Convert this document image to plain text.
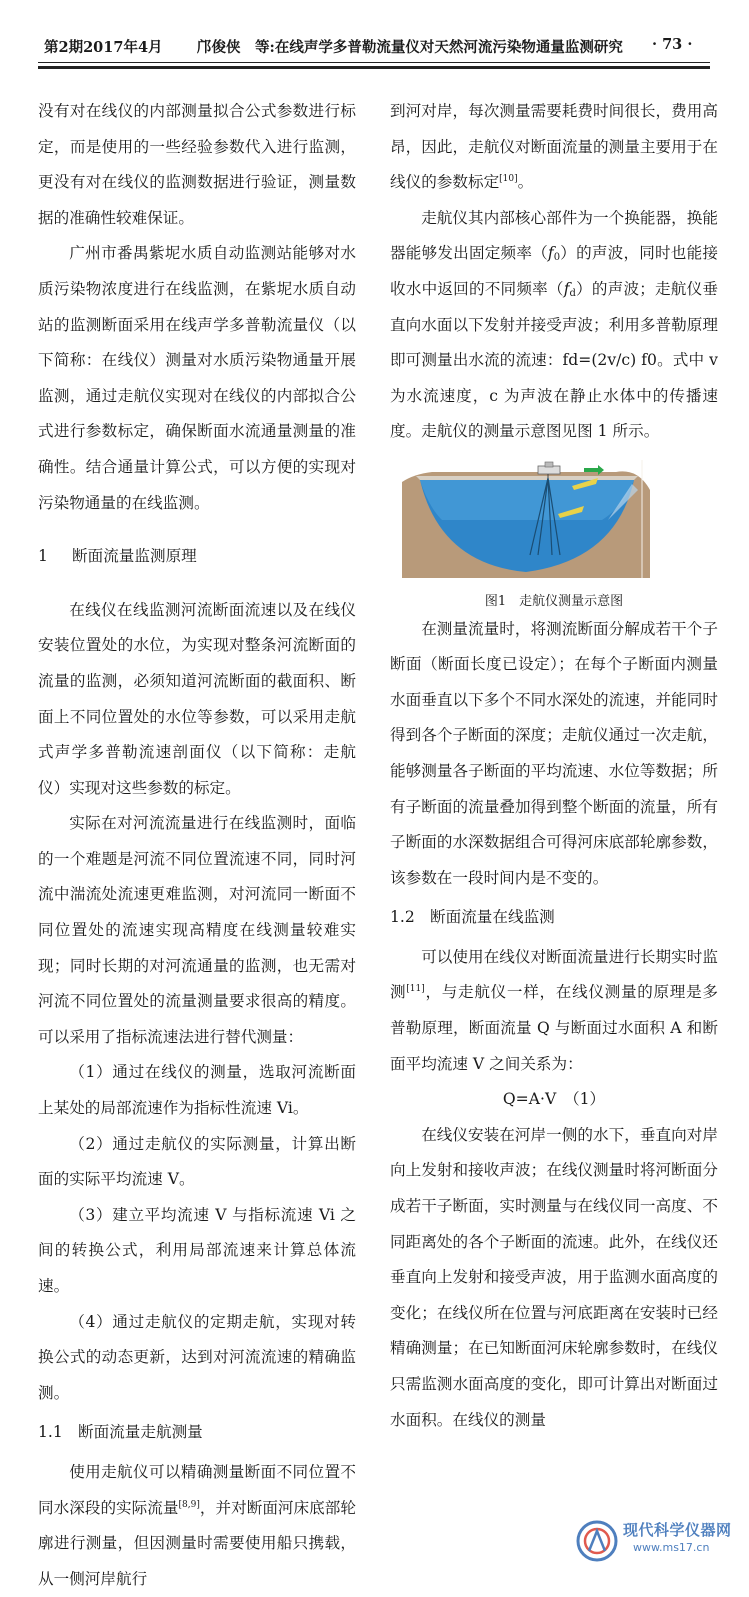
第2期2017年4月 邝俊侠　等:在线声学多普勒流量仪对天然河流污染物通量监测研究 · 73 ·

没有对在线仪的内部测量拟合公式参数进行标定，而是使用的一些经验参数代入进行监测，更没有对在线仪的监测数据进行验证，测量数据的准确性较难保证。

广州市番禺紫坭水质自动监测站能够对水质污染物浓度进行在线监测，在紫坭水质自动站的监测断面采用在线声学多普勒流量仪（以下简称：在线仪）测量对水质污染物通量开展监测，通过走航仪实现对在线仪的内部拟合公式进行参数标定，确保断面水流通量测量的准确性。结合通量计算公式，可以方便的实现对污染物通量的在线监测。

1 断面流量监测原理

在线仪在线监测河流断面流速以及在线仪安装位置处的水位，为实现对整条河流断面的流量的监测，必须知道河流断面的截面积、断面上不同位置处的水位等参数，可以采用走航式声学多普勒流速剖面仪（以下简称：走航仪）实现对这些参数的标定。

实际在对河流流量进行在线监测时，面临的一个难题是河流不同位置流速不同，同时河流中湍流处流速更难监测，对河流同一断面不同位置处的流速实现高精度在线测量较难实现；同时长期的对河流通量的监测，也无需对河流不同位置处的流量测量要求很高的精度。可以采用了指标流速法进行替代测量：

（1）通过在线仪的测量，选取河流断面上某处的局部流速作为指标性流速 Vi。

（2）通过走航仪的实际测量，计算出断面的实际平均流速 V。

（3）建立平均流速 V 与指标流速 Vi 之间的转换公式，利用局部流速来计算总体流速。

（4）通过走航仪的定期走航，实现对转换公式的动态更新，达到对河流流速的精确监测。

1.1 断面流量走航测量

使用走航仪可以精确测量断面不同位置不同水深段的实际流量[8,9]，并对断面河床底部轮廓进行测量，但因测量时需要使用船只携载，从一侧河岸航行

到河对岸，每次测量需要耗费时间很长，费用高昂，因此，走航仪对断面流量的测量主要用于在线仪的参数标定[10]。

走航仪其内部核心部件为一个换能器，换能器能够发出固定频率$(f_0)$的声波，同时也能接收水中返回的不同频率$(f_d)$的声波；走航仪垂直向水面以下发射并接受声波；利用多普勒原理即可测量出水流的流速：fd=(2v/c) f0。式中 v 为水流速度，c 为声波在静止水体中的传播速度。走航仪的测量示意图见图 1 所示。

图1　走航仪测量示意图

在测量流量时，将测流断面分解成若干个子断面（断面长度已设定）；在每个子断面内测量水面垂直以下多个不同水深处的流速，并能同时得到各个子断面的深度；走航仪通过一次走航，能够测量各子断面的平均流速、水位等数据；所有子断面的流量叠加得到整个断面的流量，所有子断面的水深数据组合可得河床底部轮廓参数，该参数在一段时间内是不变的。

1.2 断面流量在线监测

可以使用在线仪对断面流量进行长期实时监测[11]，与走航仪一样，在线仪测量的原理是多普勒原理，断面流量 Q 与断面过水面积 A 和断面平均流速 V 之间关系为：

Q=A·V　（1）

在线仪安装在河岸一侧的水下，垂直向对岸向上发射和接收声波；在线仪测量时将河断面分成若干子断面，实时测量与在线仪同一高度、不同距离处的各个子断面的流速。此外，在线仪还垂直向上发射和接受声波，用于监测水面高度的变化；在线仪所在位置与河底距离在安装时已经精确测量；在已知断面河床轮廓参数时，在线仪只需监测水面高度的变化，即可计算出对断面过水面积。在线仪的测量

现代科学仪器网
www.ms17.cn
